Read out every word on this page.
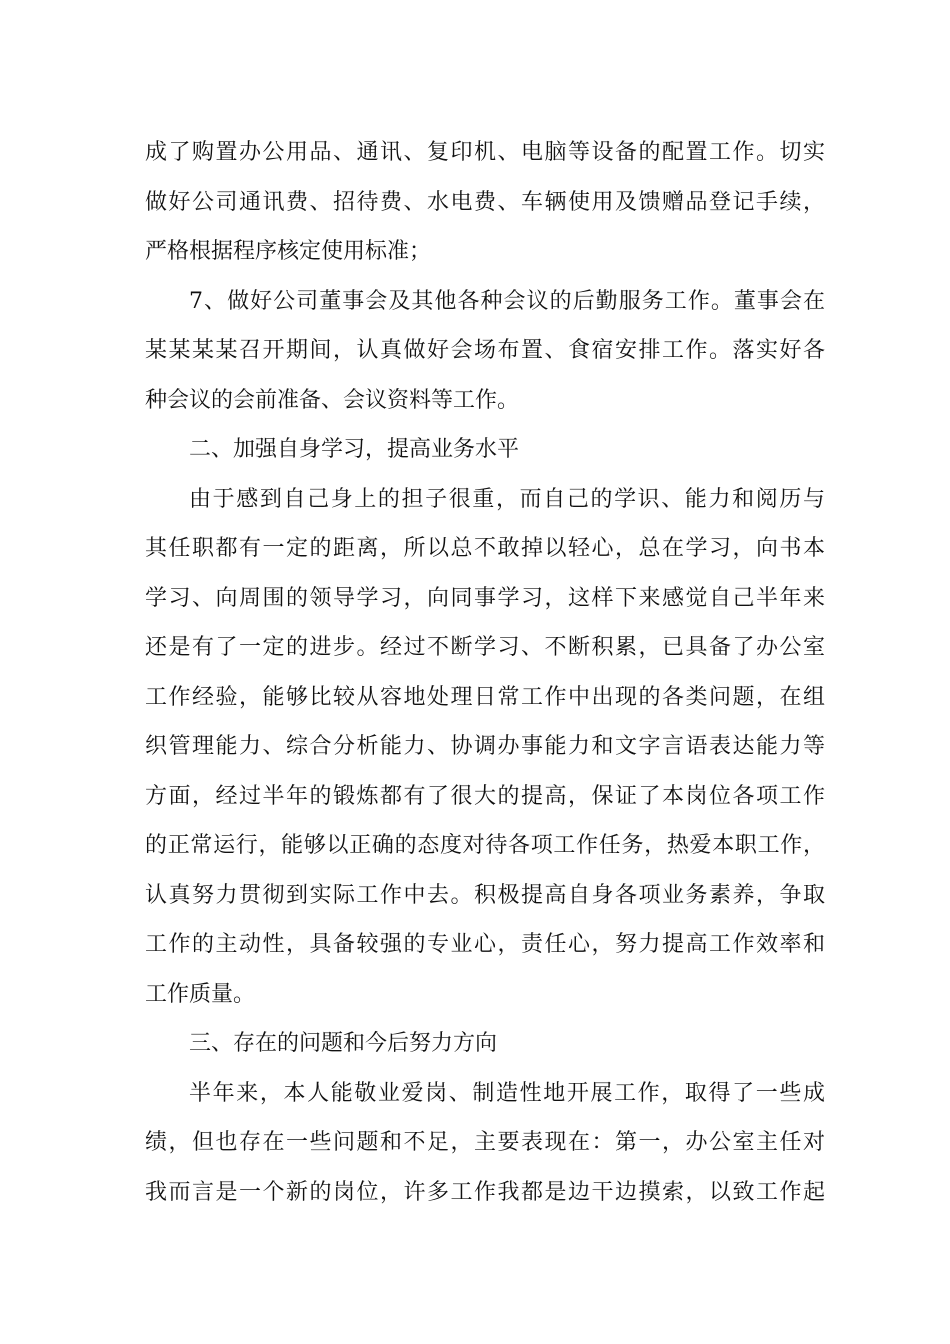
成了购置办公用品、通讯、复印机、电脑等设备的配置工作。切实
做好公司通讯费、招待费、水电费、车辆使用及馈赠品登记手续，
严格根据程序核定使用标准；
7、做好公司董事会及其他各种会议的后勤服务工作。董事会在
某某某某召开期间，认真做好会场布置、食宿安排工作。落实好各
种会议的会前准备、会议资料等工作。
二、加强自身学习，提高业务水平
由于感到自己身上的担子很重，而自己的学识、能力和阅历与
其任职都有一定的距离，所以总不敢掉以轻心，总在学习，向书本
学习、向周围的领导学习，向同事学习，这样下来感觉自己半年来
还是有了一定的进步。经过不断学习、不断积累，已具备了办公室
工作经验，能够比较从容地处理日常工作中出现的各类问题，在组
织管理能力、综合分析能力、协调办事能力和文字言语表达能力等
方面，经过半年的锻炼都有了很大的提高，保证了本岗位各项工作
的正常运行，能够以正确的态度对待各项工作任务，热爱本职工作，
认真努力贯彻到实际工作中去。积极提高自身各项业务素养，争取
工作的主动性，具备较强的专业心，责任心，努力提高工作效率和
工作质量。
三、存在的问题和今后努力方向
半年来，本人能敬业爱岗、制造性地开展工作，取得了一些成
绩，但也存在一些问题和不足，主要表现在：第一，办公室主任对
我而言是一个新的岗位，许多工作我都是边干边摸索，以致工作起
